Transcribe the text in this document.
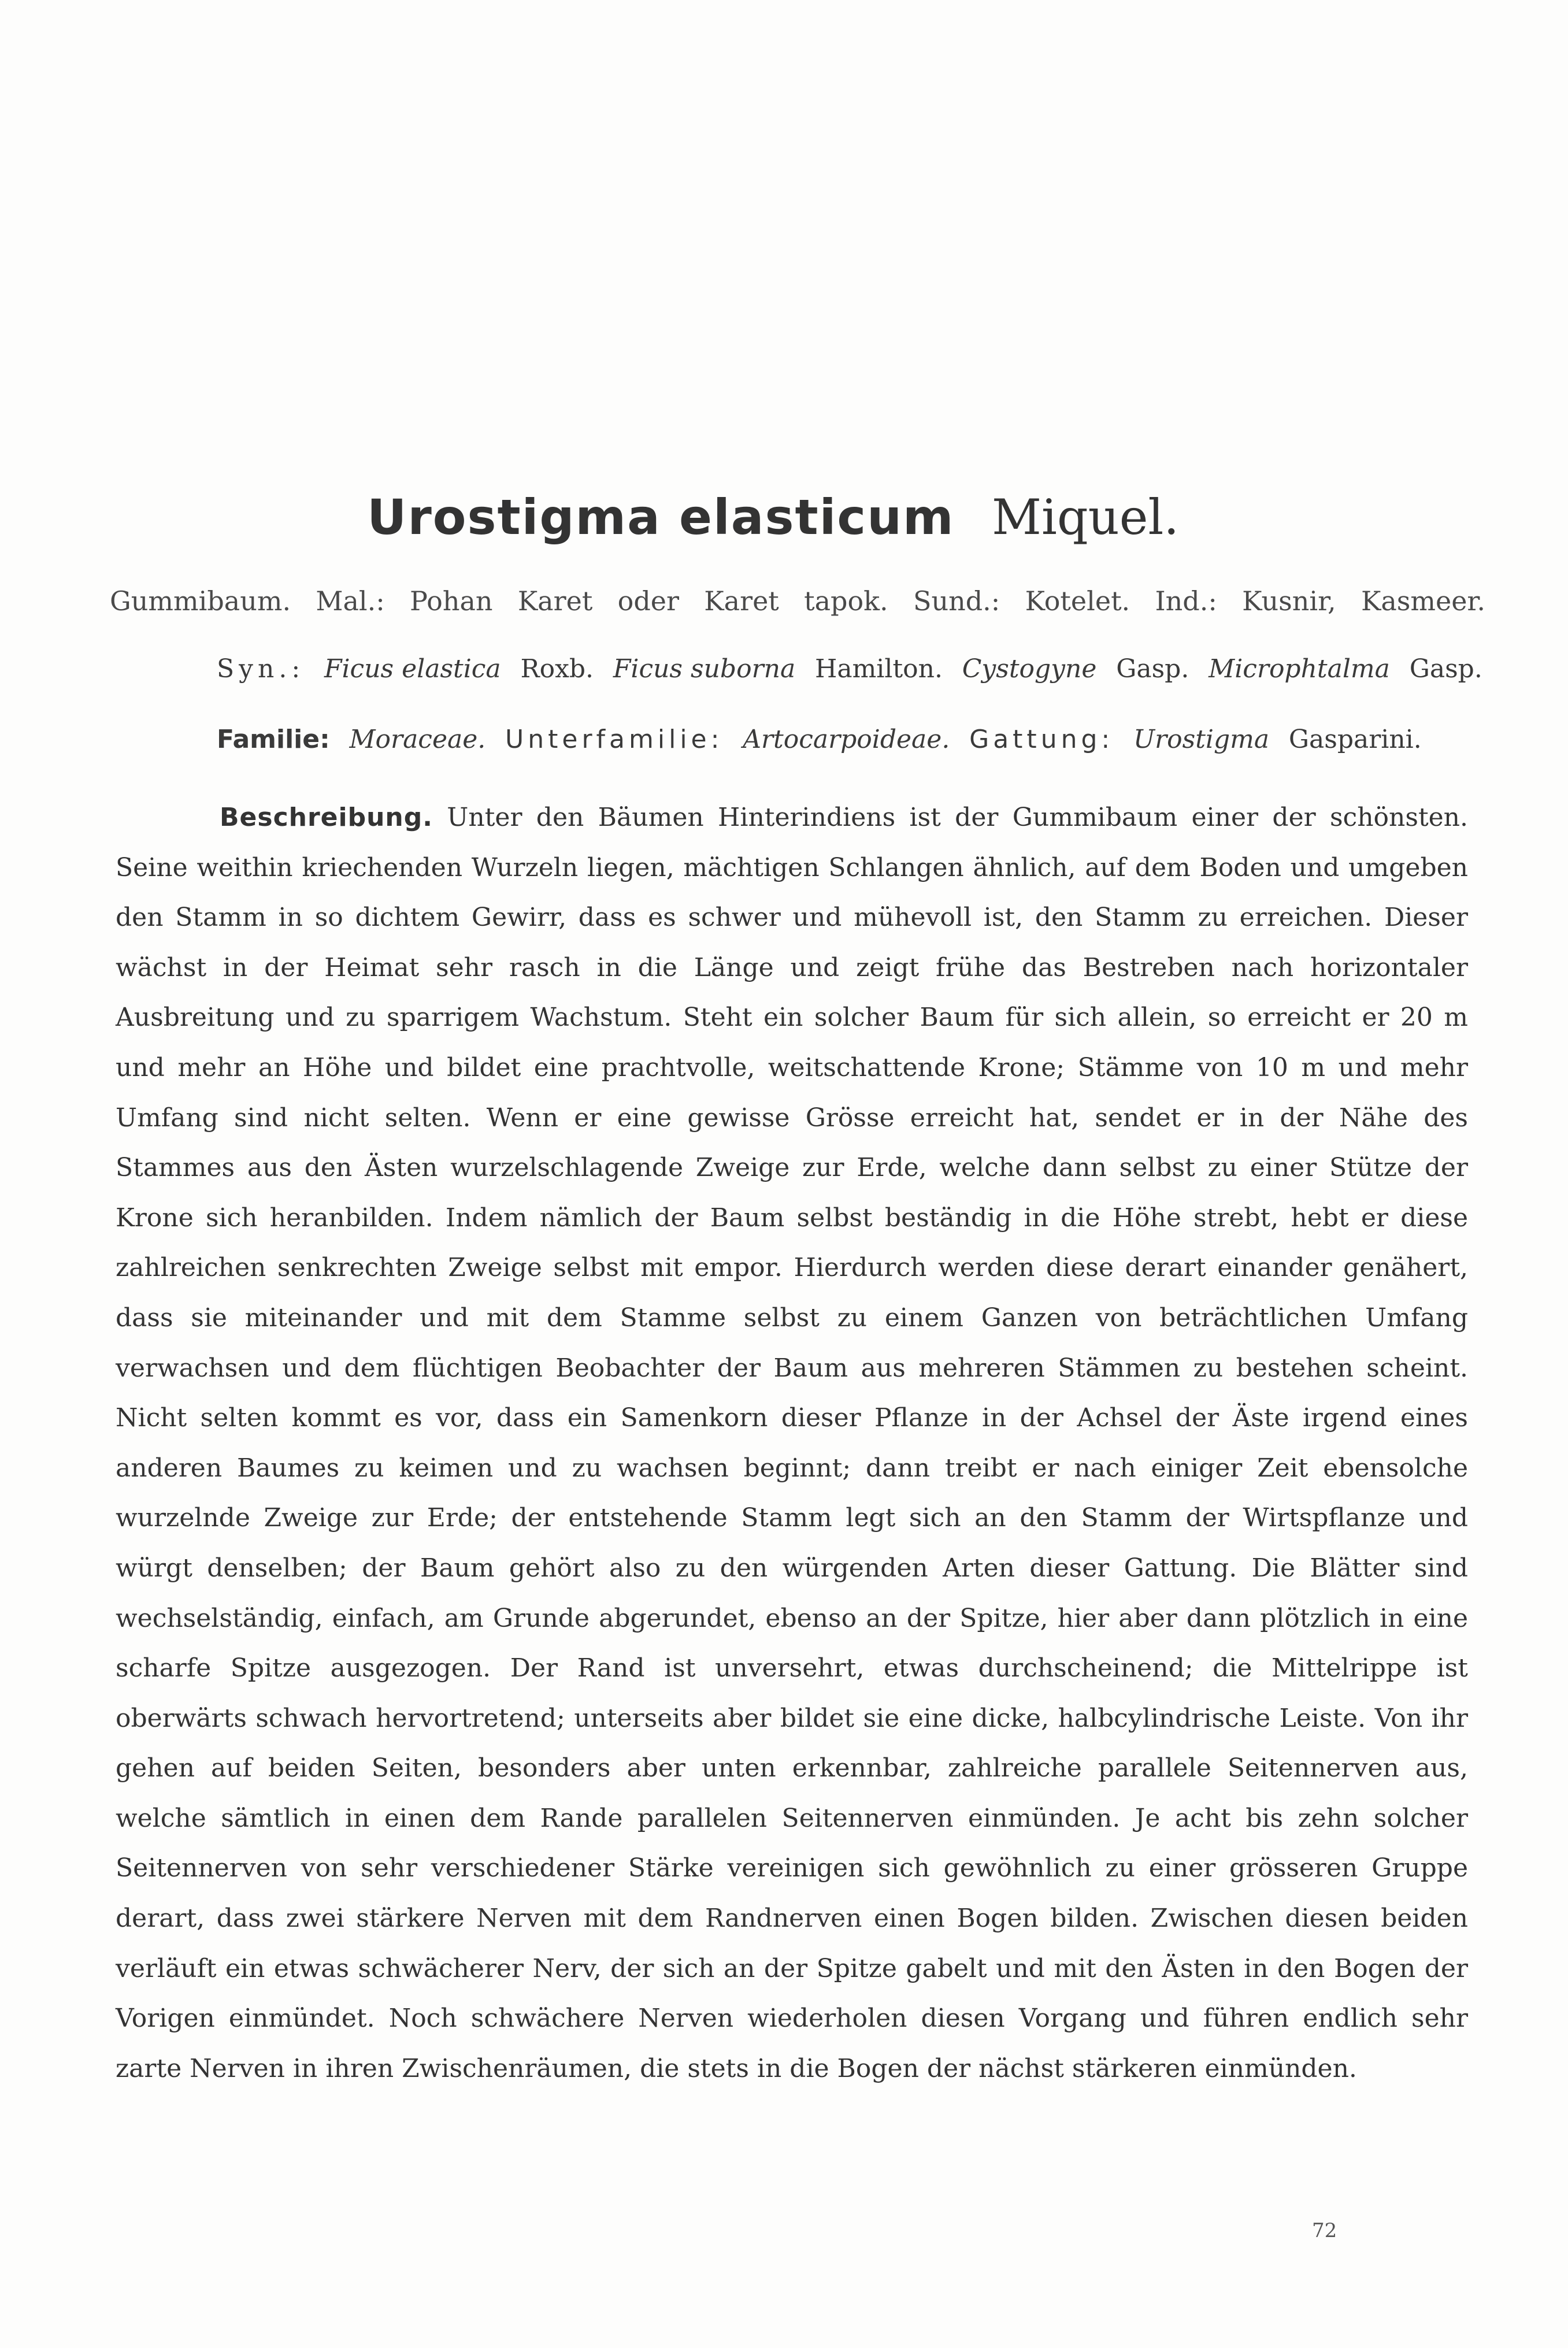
Urostigma elasticum Miquel.
Gummibaum. Mal.: Pohan Karet oder Karet tapok. Sund.: Kotelet. Ind.: Kusnir, Kasmeer.
Syn.: Ficus elastica Roxb. Ficus suborna Hamilton. Cystogyne Gasp. Microphtalma Gasp.
Familie: Moraceae. Unterfamilie: Artocarpoideae. Gattung: Urostigma Gasparini.
Beschreibung. Unter den Bäumen Hinterindiens ist der Gummibaum einer der schönsten. Seine weithin kriechenden Wurzeln liegen, mächtigen Schlangen ähnlich, auf dem Boden und umgeben den Stamm in so dichtem Gewirr, dass es schwer und mühevoll ist, den Stamm zu erreichen. Dieser wächst in der Heimat sehr rasch in die Länge und zeigt frühe das Bestreben nach horizontaler Ausbreitung und zu sparrigem Wachstum. Steht ein solcher Baum für sich allein, so erreicht er 20 m und mehr an Höhe und bildet eine prachtvolle, weitschattende Krone; Stämme von 10 m und mehr Umfang sind nicht selten. Wenn er eine gewisse Grösse erreicht hat, sendet er in der Nähe des Stammes aus den Ästen wurzelschlagende Zweige zur Erde, welche dann selbst zu einer Stütze der Krone sich heranbilden. Indem nämlich der Baum selbst beständig in die Höhe strebt, hebt er diese zahlreichen senkrechten Zweige selbst mit empor. Hierdurch werden diese derart einander genähert, dass sie miteinander und mit dem Stamme selbst zu einem Ganzen von beträchtlichen Umfang verwachsen und dem flüchtigen Beobachter der Baum aus mehreren Stämmen zu bestehen scheint. Nicht selten kommt es vor, dass ein Samenkorn dieser Pflanze in der Achsel der Äste irgend eines anderen Baumes zu keimen und zu wachsen beginnt; dann treibt er nach einiger Zeit ebensolche wurzelnde Zweige zur Erde; der entstehende Stamm legt sich an den Stamm der Wirtspflanze und würgt denselben; der Baum gehört also zu den würgenden Arten dieser Gattung. Die Blätter sind wechselständig, einfach, am Grunde abgerundet, ebenso an der Spitze, hier aber dann plötzlich in eine scharfe Spitze ausgezogen. Der Rand ist unversehrt, etwas durchscheinend; die Mittelrippe ist oberwärts schwach hervortretend; unterseits aber bildet sie eine dicke, halbcylindrische Leiste. Von ihr gehen auf beiden Seiten, besonders aber unten erkennbar, zahlreiche parallele Seitennerven aus, welche sämtlich in einen dem Rande parallelen Seitennerven einmünden. Je acht bis zehn solcher Seitennerven von sehr verschiedener Stärke vereinigen sich gewöhnlich zu einer grösseren Gruppe derart, dass zwei stärkere Nerven mit dem Randnerven einen Bogen bilden. Zwischen diesen beiden verläuft ein etwas schwächerer Nerv, der sich an der Spitze gabelt und mit den Ästen in den Bogen der Vorigen einmündet. Noch schwächere Nerven wiederholen diesen Vorgang und führen endlich sehr zarte Nerven in ihren Zwischenräumen, die stets in die Bogen der nächst stärkeren einmünden.
72
